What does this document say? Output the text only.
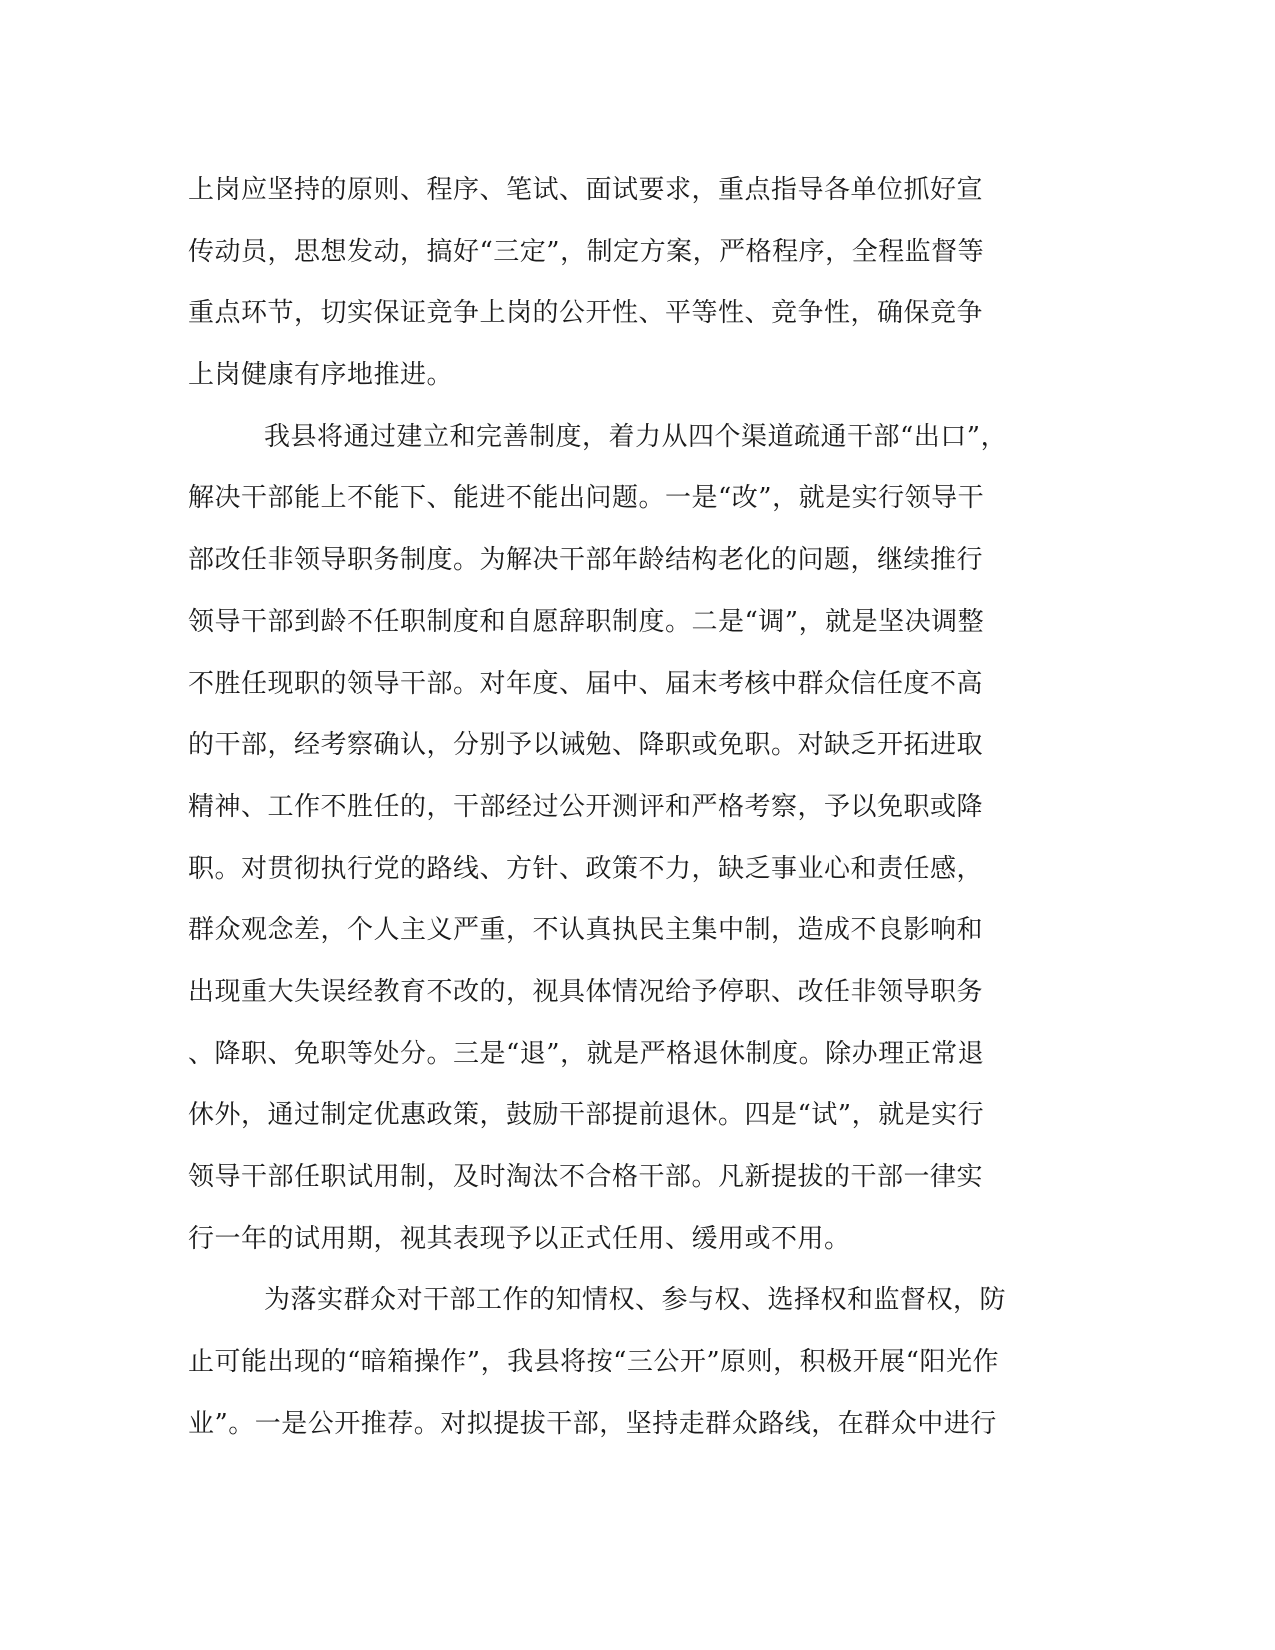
上岗应坚持的原则、程序、笔试、面试要求，重点指导各单位抓好宣
传动员，思想发动，搞好“三定”，制定方案，严格程序，全程监督等
重点环节，切实保证竞争上岗的公开性、平等性、竞争性，确保竞争
上岗健康有序地推进。
我县将通过建立和完善制度，着力从四个渠道疏通干部“出口”，
解决干部能上不能下、能进不能出问题。一是“改”，就是实行领导干
部改任非领导职务制度。为解决干部年龄结构老化的问题，继续推行
领导干部到龄不任职制度和自愿辞职制度。二是“调”，就是坚决调整
不胜任现职的领导干部。对年度、届中、届末考核中群众信任度不高
的干部，经考察确认，分别予以诫勉、降职或免职。对缺乏开拓进取
精神、工作不胜任的，干部经过公开测评和严格考察，予以免职或降
职。对贯彻执行党的路线、方针、政策不力，缺乏事业心和责任感，
群众观念差，个人主义严重，不认真执民主集中制，造成不良影响和
出现重大失误经教育不改的，视具体情况给予停职、改任非领导职务
、降职、免职等处分。三是“退”，就是严格退休制度。除办理正常退
休外，通过制定优惠政策，鼓励干部提前退休。四是“试”，就是实行
领导干部任职试用制，及时淘汰不合格干部。凡新提拔的干部一律实
行一年的试用期，视其表现予以正式任用、缓用或不用。
为落实群众对干部工作的知情权、参与权、选择权和监督权，防
止可能出现的“暗箱操作”，我县将按“三公开”原则，积极开展“阳光作
业”。一是公开推荐。对拟提拔干部，坚持走群众路线，在群众中进行
